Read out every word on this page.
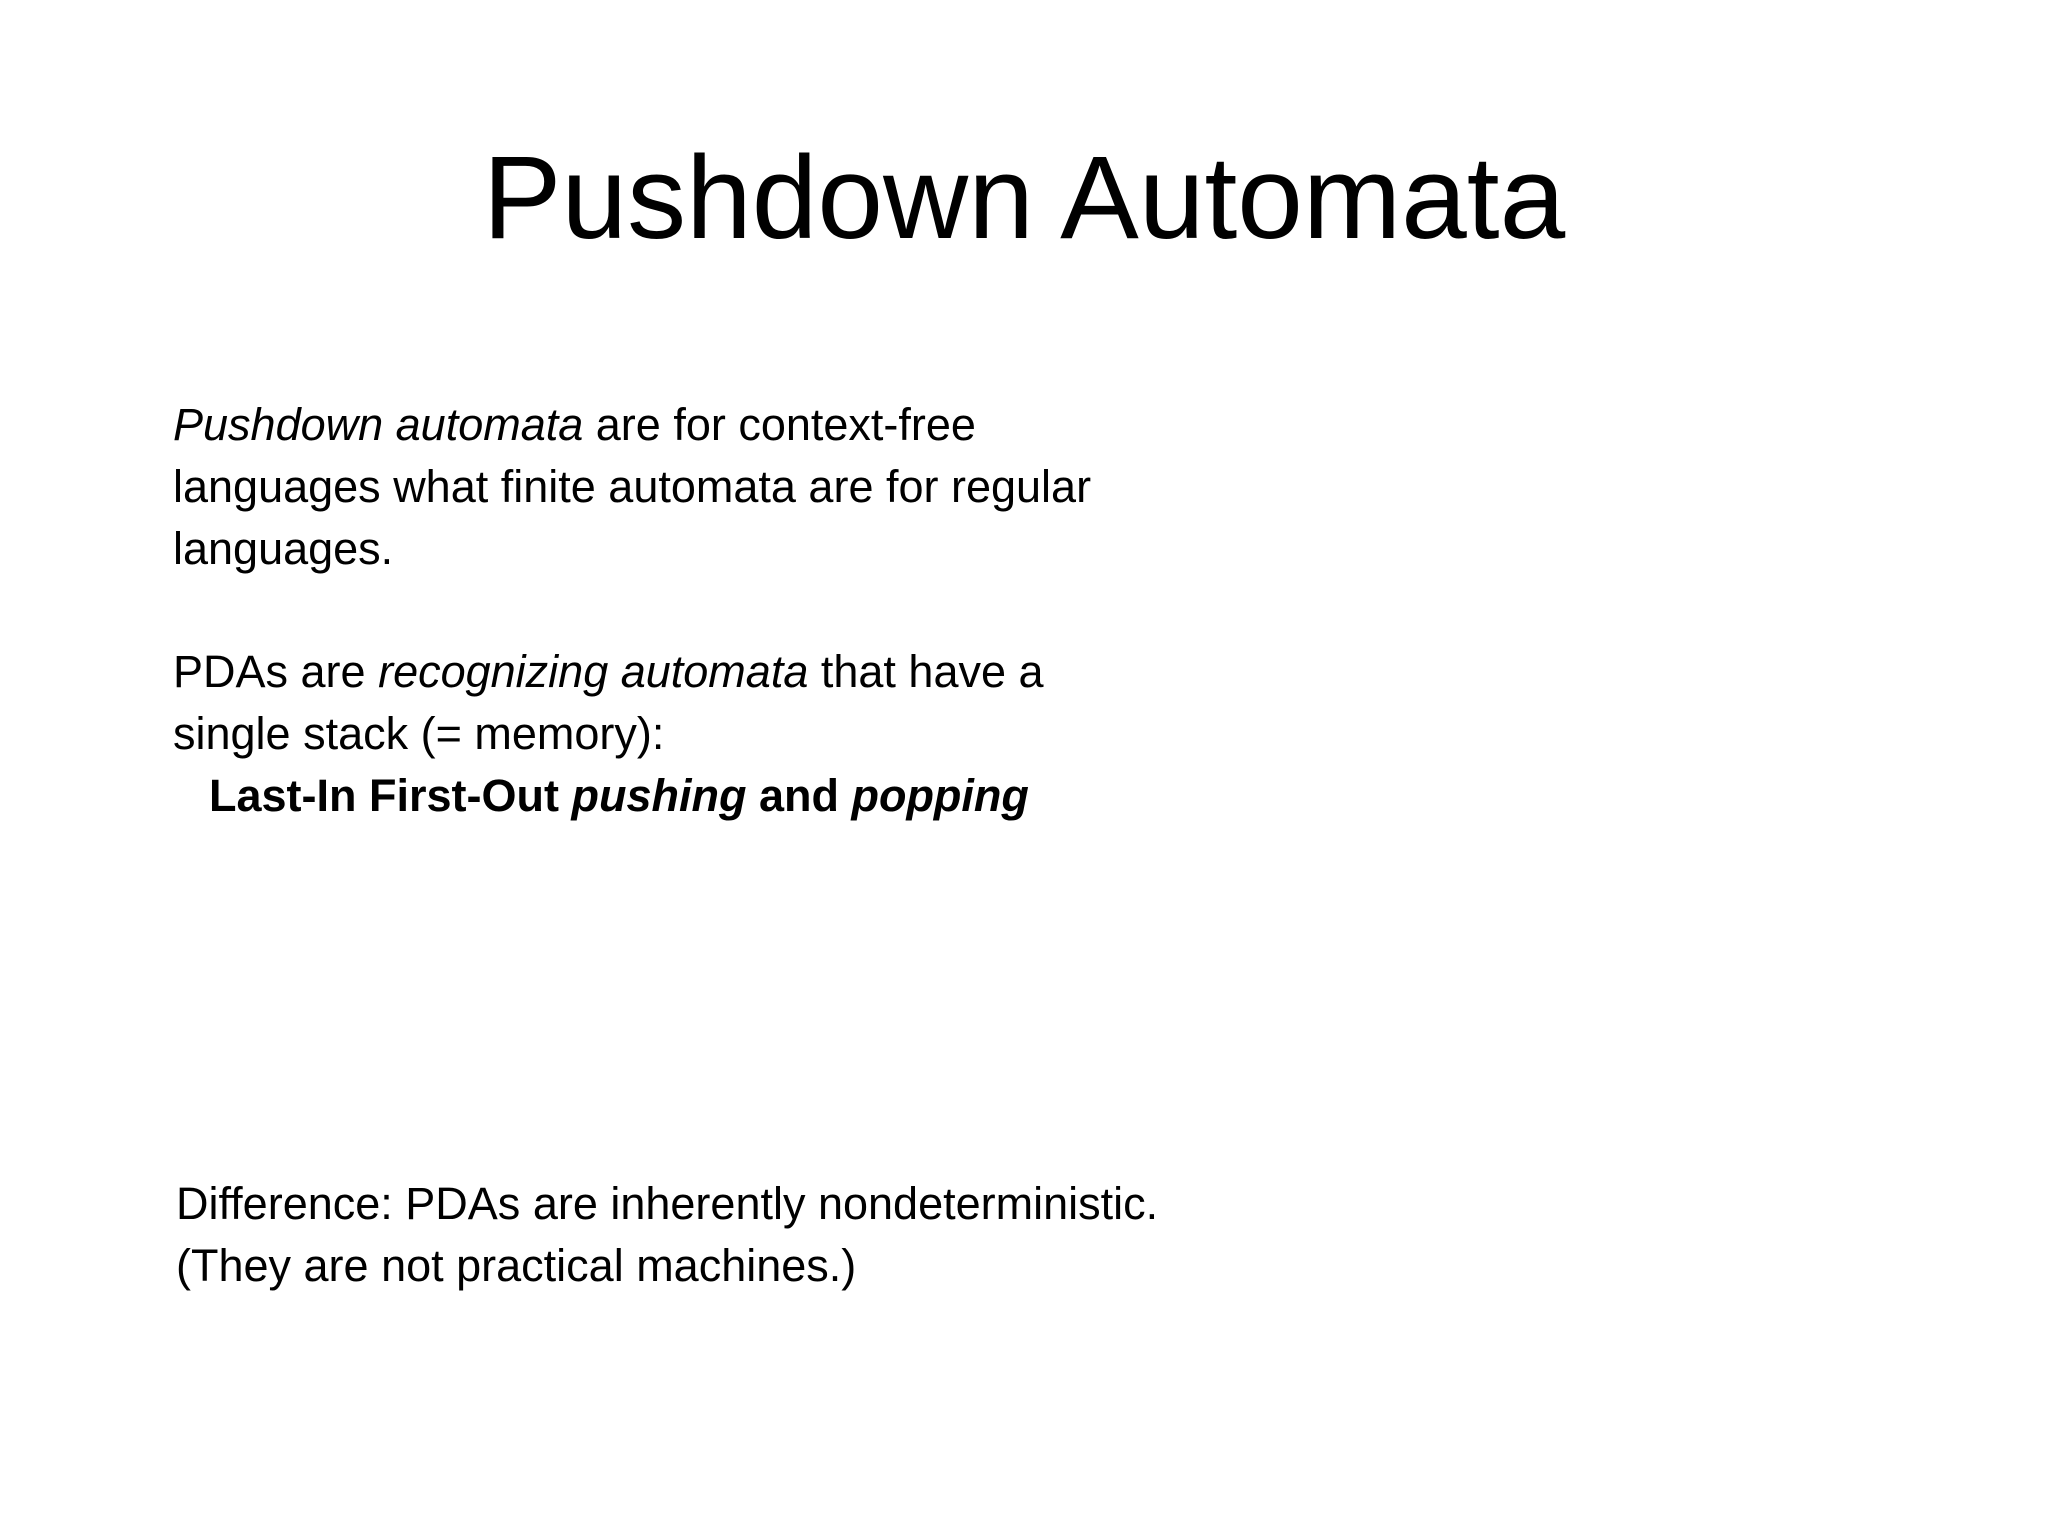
Pushdown Automata
Pushdown automata are for context-free
languages what finite automata are for regular
languages.
PDAs are recognizing automata that have a
single stack (= memory):
Last-In First-Out pushing and popping
Difference: PDAs are inherently nondeterministic.
(They are not practical machines.)
